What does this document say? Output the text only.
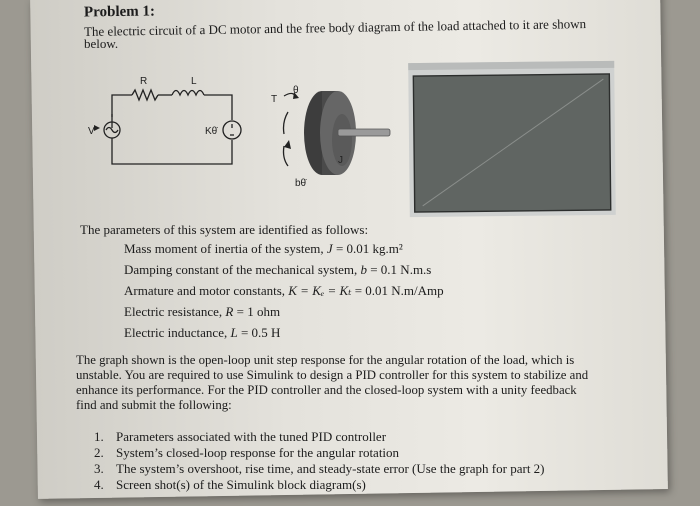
Problem 1:
The electric circuit of a DC motor and the free body diagram of the load attached to it are shown
below.
R	L
V	Kθ̇
T
θ
J
bθ̇
The parameters of this system are identified as follows:
Mass moment of inertia of the system, J = 0.01 kg.m²
Damping constant of the mechanical system, b = 0.1 N.m.s
Armature and motor constants, K = Kₑ = Kₜ = 0.01 N.m/Amp
Electric resistance, R = 1 ohm
Electric inductance, L = 0.5 H
The graph shown is the open-loop unit step response for the angular rotation of the load, which is
unstable. You are required to use Simulink to design a PID controller for this system to stabilize and
enhance its performance. For the PID controller and the closed-loop system with a unity feedback
find and submit the following:
1. Parameters associated with the tuned PID controller
2. System’s closed-loop response for the angular rotation
3. The system’s overshoot, rise time, and steady-state error (Use the graph for part 2)
4. Screen shot(s) of the Simulink block diagram(s)
